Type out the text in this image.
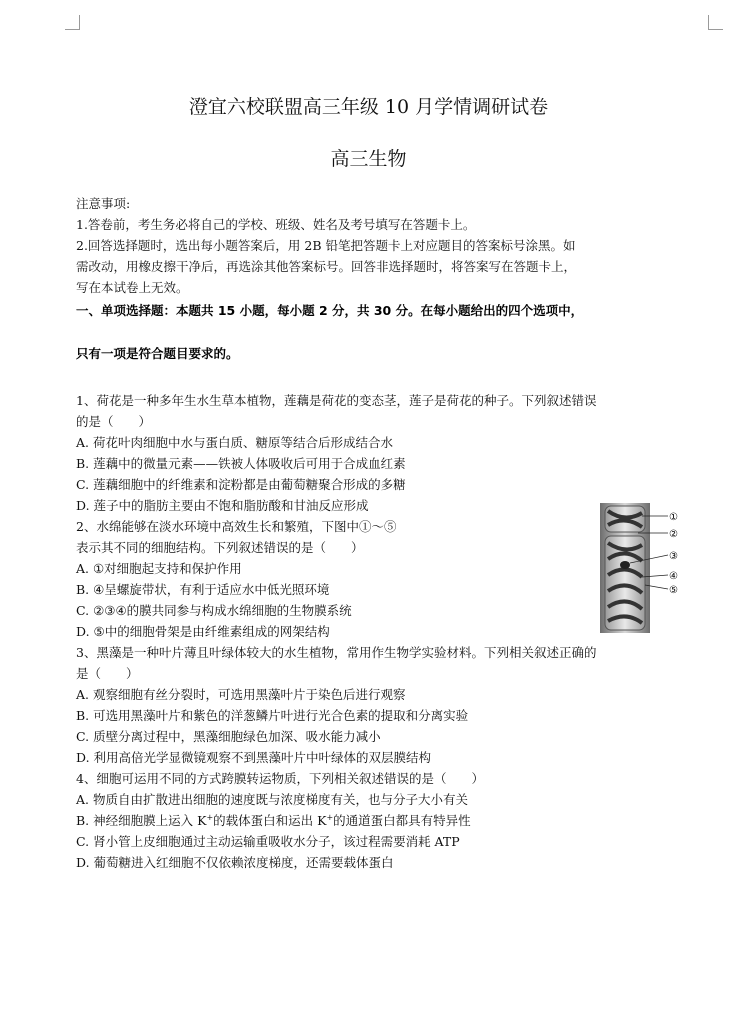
澄宜六校联盟高三年级 10 月学情调研试卷
高三生物
注意事项:
1.答卷前，考生务必将自己的学校、班级、姓名及考号填写在答题卡上。
2.回答选择题时，选出每小题答案后，用 2B 铅笔把答题卡上对应题目的答案标号涂黑。如
需改动，用橡皮擦干净后，再选涂其他答案标号。回答非选择题时，将答案写在答题卡上，
写在本试卷上无效。
一、单项选择题：本题共 15 小题，每小题 2 分，共 30 分。在每小题给出的四个选项中，
只有一项是符合题目要求的。
1、荷花是一种多年生水生草本植物，莲藕是荷花的变态茎，莲子是荷花的种子。下列叙述错误
的是（　　）
A. 荷花叶肉细胞中水与蛋白质、糖原等结合后形成结合水
B. 莲藕中的微量元素——铁被人体吸收后可用于合成血红素
C. 莲藕细胞中的纤维素和淀粉都是由葡萄糖聚合形成的多糖
D. 莲子中的脂肪主要由不饱和脂肪酸和甘油反应形成
2、水绵能够在淡水环境中高效生长和繁殖，下图中①～⑤
表示其不同的细胞结构。下列叙述错误的是（　　）
A. ①对细胞起支持和保护作用
B. ④呈螺旋带状，有利于适应水中低光照环境
C. ②③④的膜共同参与构成水绵细胞的生物膜系统
D. ⑤中的细胞骨架是由纤维素组成的网架结构
①
②
③
④
⑤
3、黑藻是一种叶片薄且叶绿体较大的水生植物，常用作生物学实验材料。下列相关叙述正确的
是（　　）
A. 观察细胞有丝分裂时，可选用黑藻叶片于染色后进行观察
B. 可选用黑藻叶片和紫色的洋葱鳞片叶进行光合色素的提取和分离实验
C. 质壁分离过程中，黑藻细胞绿色加深、吸水能力减小
D. 利用高倍光学显微镜观察不到黑藻叶片中叶绿体的双层膜结构
4、细胞可运用不同的方式跨膜转运物质，下列相关叙述错误的是（　　）
A. 物质自由扩散进出细胞的速度既与浓度梯度有关，也与分子大小有关
B. 神经细胞膜上运入 K+的载体蛋白和运出 K+的通道蛋白都具有特异性
C. 肾小管上皮细胞通过主动运输重吸收水分子，该过程需要消耗 ATP
D. 葡萄糖进入红细胞不仅依赖浓度梯度，还需要载体蛋白
